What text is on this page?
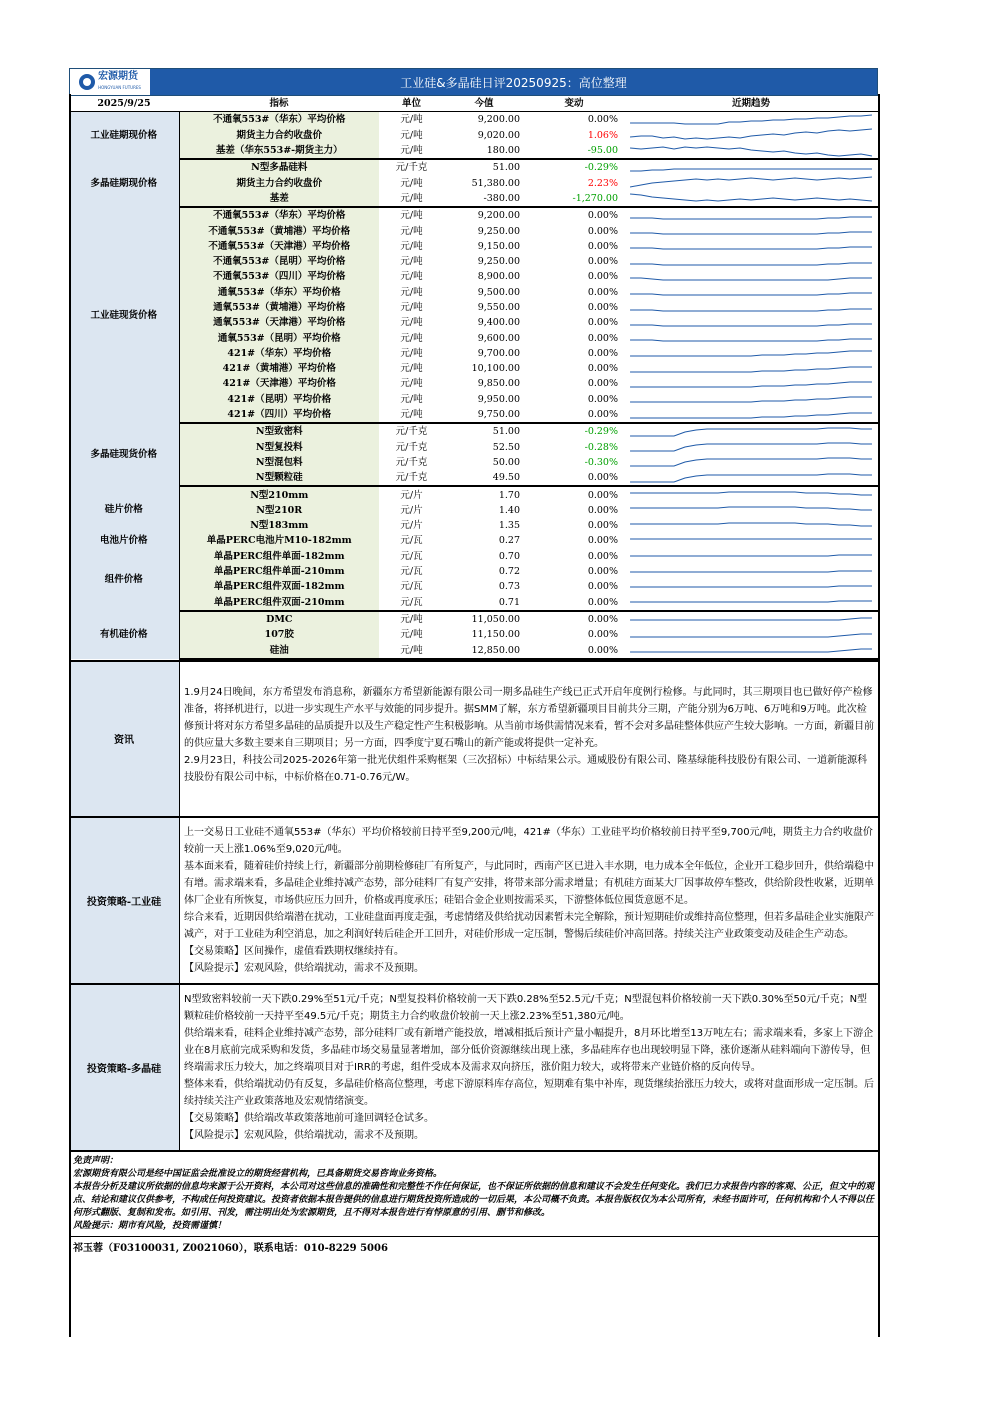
宏源期货
HONGYUAN FUTURES	工业硅&多晶硅日评20250925：高位整理
2025/9/25	指标	单位	今值	变动	近期趋势
工业硅期现价格	不通氧553#（华东）平均价格	元/吨	9,200.00	0.00%	

	期货主力合约收盘价	元/吨	9,020.00	1.06%	

	基差（华东553#-期货主力）	元/吨	180.00	-95.00	

多晶硅期现价格	N型多晶硅料	元/千克	51.00	-0.29%	

	期货主力合约收盘价	元/吨	51,380.00	2.23%	

	基差	元/吨	-380.00	-1,270.00	

工业硅现货价格	不通氧553#（华东）平均价格	元/吨	9,200.00	0.00%	

	不通氧553#（黄埔港）平均价格	元/吨	9,250.00	0.00%	

	不通氧553#（天津港）平均价格	元/吨	9,150.00	0.00%	

	不通氧553#（昆明）平均价格	元/吨	9,250.00	0.00%	

	不通氧553#（四川）平均价格	元/吨	8,900.00	0.00%	

	通氧553#（华东）平均价格	元/吨	9,500.00	0.00%	

	通氧553#（黄埔港）平均价格	元/吨	9,550.00	0.00%	

	通氧553#（天津港）平均价格	元/吨	9,400.00	0.00%	

	通氧553#（昆明）平均价格	元/吨	9,600.00	0.00%	

	421#（华东）平均价格	元/吨	9,700.00	0.00%	

	421#（黄埔港）平均价格	元/吨	10,100.00	0.00%	

	421#（天津港）平均价格	元/吨	9,850.00	0.00%	

	421#（昆明）平均价格	元/吨	9,950.00	0.00%	

	421#（四川）平均价格	元/吨	9,750.00	0.00%	

多晶硅现货价格	N型致密料	元/千克	51.00	-0.29%	

	N型复投料	元/千克	52.50	-0.28%	

	N型混包料	元/千克	50.00	-0.30%	

	N型颗粒硅	元/千克	49.50	0.00%	

硅片价格	N型210mm	元/片	1.70	0.00%	

	N型210R	元/片	1.40	0.00%	

	N型183mm	元/片	1.35	0.00%	

电池片价格	单晶PERC电池片M10-182mm	元/瓦	0.27	0.00%	

组件价格	单晶PERC组件单面-182mm	元/瓦	0.70	0.00%	

	单晶PERC组件单面-210mm	元/瓦	0.72	0.00%	

	单晶PERC组件双面-182mm	元/瓦	0.73	0.00%	

	单晶PERC组件双面-210mm	元/瓦	0.71	0.00%	

有机硅价格	DMC	元/吨	11,050.00	0.00%	

	107胶	元/吨	11,150.00	0.00%	

	硅油	元/吨	12,850.00	0.00%	
资讯

1.9月24日晚间，东方希望发布消息称，新疆东方希望新能源有限公司一期多晶硅生产线已正式开启年度例行检修。与此同时，其三期项目也已做好停产检修准备，将择机进行，以进一步实现生产水平与效能的同步提升。据SMM了解，东方希望新疆项目目前共分三期，产能分别为6万吨、6万吨和9万吨。此次检修预计将对东方希望多晶硅的品质提升以及生产稳定性产生积极影响。从当前市场供需情况来看，暂不会对多晶硅整体供应产生较大影响。一方面，新疆目前的供应量大多数主要来自三期项目；另一方面，四季度宁夏石嘴山的新产能或将提供一定补充。

2.9月23日，科技公司2025-2026年第一批光伏组件采购框架（三次招标）中标结果公示。通威股份有限公司、隆基绿能科技股份有限公司、一道新能源科技股份有限公司中标，中标价格在0.71-0.76元/W。

投资策略-工业硅

上一交易日工业硅不通氧553#（华东）平均价格较前日持平至9,200元/吨，421#（华东）工业硅平均价格较前日持平至9,700元/吨，期货主力合约收盘价较前一天上涨1.06%至9,020元/吨。

基本面来看，随着硅价持续上行，新疆部分前期检修硅厂有所复产，与此同时，西南产区已进入丰水期，电力成本全年低位，企业开工稳步回升，供给端稳中有增。需求端来看，多晶硅企业维持减产态势，部分硅料厂有复产安排，将带来部分需求增量；有机硅方面某大厂因事故停车整改，供给阶段性收紧，近期单体厂企业有所恢复，市场供应压力回升，价格或再度承压；硅铝合金企业则按需采买，下游整体低位囤货意愿不足。

综合来看，近期因供给端潜在扰动，工业硅盘面再度走强，考虑情绪及供给扰动因素暂未完全解除，预计短期硅价或维持高位整理，但若多晶硅企业实施限产减产，对于工业硅为利空消息，加之利润好转后硅企开工回升，对硅价形成一定压制，警惕后续硅价冲高回落。持续关注产业政策变动及硅企生产动态。

【交易策略】区间操作，虚值看跌期权继续持有。

【风险提示】宏观风险，供给端扰动，需求不及预期。

投资策略-多晶硅

N型致密料较前一天下跌0.29%至51元/千克；N型复投料价格较前一天下跌0.28%至52.5元/千克；N型混包料价格较前一天下跌0.30%至50元/千克；N型颗粒硅价格较前一天持平至49.5元/千克；期货主力合约收盘价较前一天上涨2.23%至51,380元/吨。

供给端来看，硅料企业维持减产态势，部分硅料厂或有新增产能投放，增减相抵后预计产量小幅提升，8月环比增至13万吨左右；需求端来看，多家上下游企业在8月底前完成采购和发货，多晶硅市场交易量显著增加，部分低价资源继续出现上涨，多晶硅库存也出现较明显下降，涨价逐渐从硅料端向下游传导，但终端需求压力较大，加之终端项目对于IRR的考虑，组件受成本及需求双向挤压，涨价阻力较大，或将带来产业链价格的反向传导。

整体来看，供给端扰动仍有反复，多晶硅价格高位整理，考虑下游原料库存高位，短期难有集中补库，现货继续抬涨压力较大，或将对盘面形成一定压制。后续持续关注产业政策落地及宏观情绪演变。

【交易策略】供给端改革政策落地前可逢回调轻仓试多。

【风险提示】宏观风险，供给端扰动，需求不及预期。

免责声明：
宏源期货有限公司是经中国证监会批准设立的期货经营机构，已具备期货交易咨询业务资格。
本报告分析及建议所依据的信息均来源于公开资料，本公司对这些信息的准确性和完整性不作任何保证，也不保证所依据的信息和建议不会发生任何变化。我们已力求报告内容的客观、公正，但文中的观点、结论和建议仅供参考，不构成任何投资建议。投资者依据本报告提供的信息进行期货投资所造成的一切后果，本公司概不负责。本报告版权仅为本公司所有，未经书面许可，任何机构和个人不得以任何形式翻版、复制和发布。如引用、刊发，需注明出处为宏源期货，且不得对本报告进行有悖原意的引用、删节和修改。
风险提示：期市有风险，投资需谨慎！
祁玉蓉（F03100031, Z0021060），联系电话：010-8229 5006
